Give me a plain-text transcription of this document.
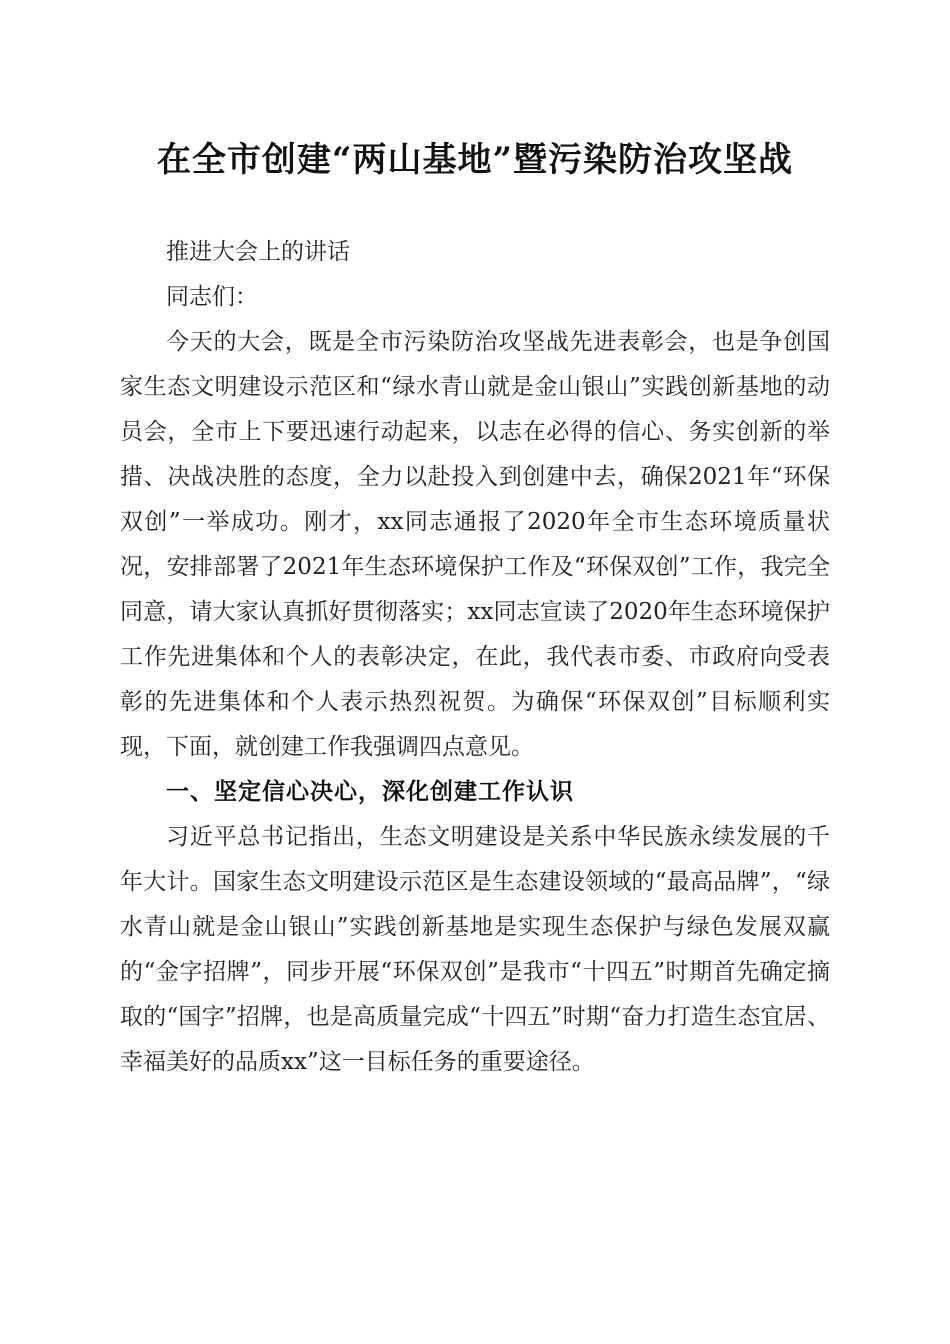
在全市创建“两山基地”暨污染防治攻坚战

推进大会上的讲话

同志们：

今天的大会，既是全市污染防治攻坚战先进表彰会，也是争创国家生态文明建设示范区和“绿水青山就是金山银山”实践创新基地的动员会，全市上下要迅速行动起来，以志在必得的信心、务实创新的举措、决战决胜的态度，全力以赴投入到创建中去，确保2021年“环保双创”一举成功。刚才，xx同志通报了2020年全市生态环境质量状况，安排部署了2021年生态环境保护工作及“环保双创”工作，我完全同意，请大家认真抓好贯彻落实；xx同志宣读了2020年生态环境保护工作先进集体和个人的表彰决定，在此，我代表市委、市政府向受表彰的先进集体和个人表示热烈祝贺。为确保“环保双创”目标顺利实现，下面，就创建工作我强调四点意见。

一、坚定信心决心，深化创建工作认识

习近平总书记指出，生态文明建设是关系中华民族永续发展的千年大计。国家生态文明建设示范区是生态建设领域的“最高品牌”，“绿水青山就是金山银山”实践创新基地是实现生态保护与绿色发展双赢的“金字招牌”，同步开展“环保双创”是我市“十四五”时期首先确定摘取的“国字”招牌，也是高质量完成“十四五”时期“奋力打造生态宜居、幸福美好的品质xx”这一目标任务的重要途径。
